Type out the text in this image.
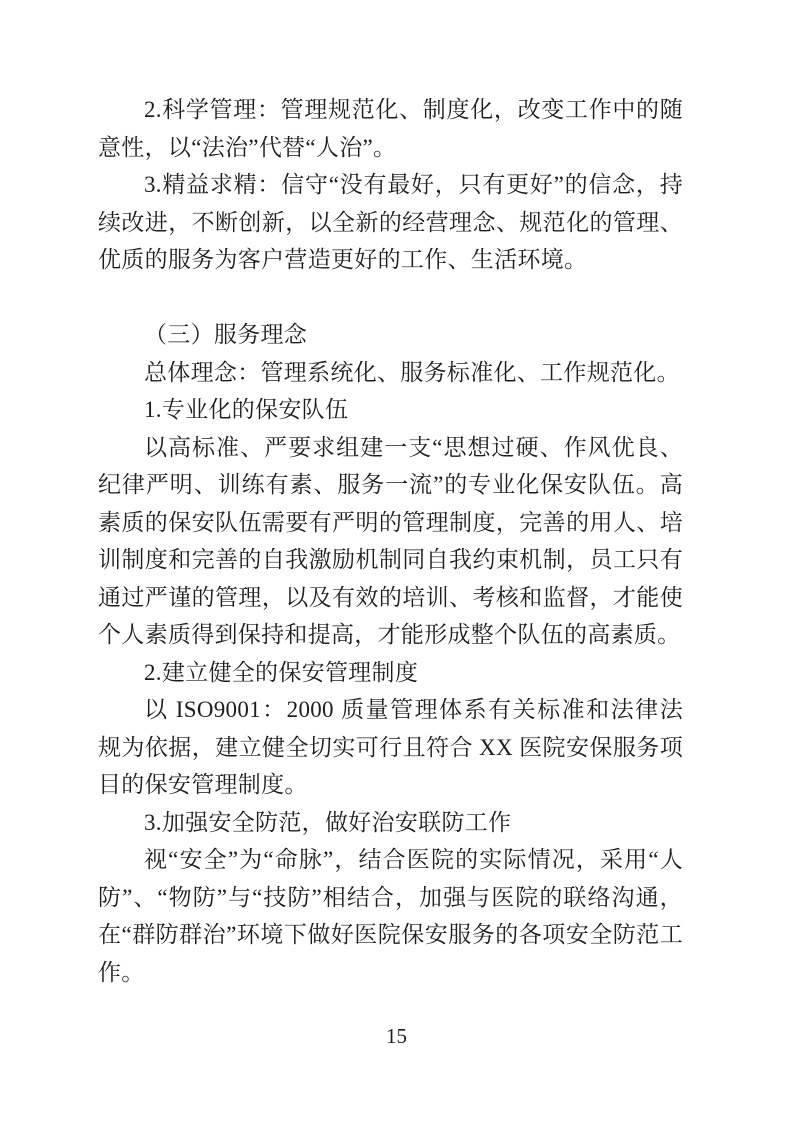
2.科学管理：管理规范化、制度化，改变工作中的随意性，以“法治”代替“人治”。

3.精益求精：信守“没有最好，只有更好”的信念，持续改进，不断创新，以全新的经营理念、规范化的管理、优质的服务为客户营造更好的工作、生活环境。

（三）服务理念

总体理念：管理系统化、服务标准化、工作规范化。

1.专业化的保安队伍

以高标准、严要求组建一支“思想过硬、作风优良、纪律严明、训练有素、服务一流”的专业化保安队伍。高素质的保安队伍需要有严明的管理制度，完善的用人、培训制度和完善的自我激励机制同自我约束机制，员工只有通过严谨的管理，以及有效的培训、考核和监督，才能使个人素质得到保持和提高，才能形成整个队伍的高素质。

2.建立健全的保安管理制度

以 ISO9001：2000 质量管理体系有关标准和法律法规为依据，建立健全切实可行且符合 XX 医院安保服务项目的保安管理制度。

3.加强安全防范，做好治安联防工作

视“安全”为“命脉”，结合医院的实际情况，采用“人防”、“物防”与“技防”相结合，加强与医院的联络沟通，在“群防群治”环境下做好医院保安服务的各项安全防范工作。

15
